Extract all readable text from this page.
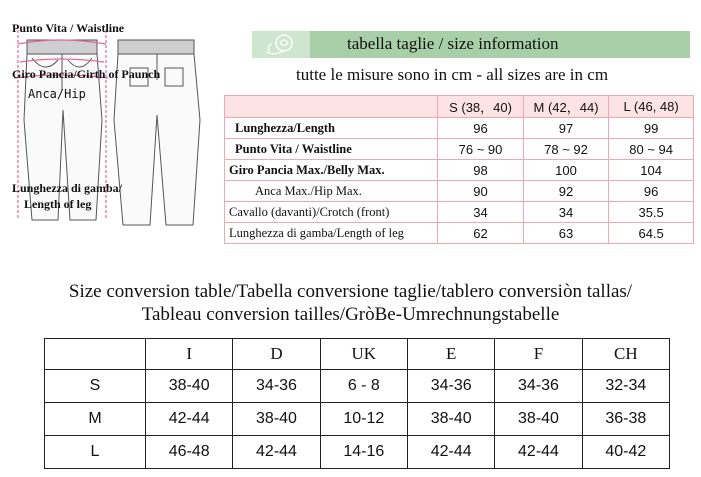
Punto Vita / Waistline
Giro Pancia/Girth of Paunch
Anca/Hip
Lunghezza di gamba/
Length of leg
tabella taglie / size information
tutte le misure sono in cm - all sizes are in cm
	S (38，40)	M (42，44)	L (46, 48)
Lunghezza/Length	96	97	99
Punto Vita / Waistline	76 ~ 90	78 ~ 92	80 ~ 94
Giro Pancia Max./Belly Max.	98	100	104
Anca Max./Hip Max.	90	92	96
Cavallo (davanti)/Crotch (front)	34	34	35.5
Lunghezza di gamba/Length of leg	62	63	64.5
Size conversion table/Tabella conversione taglie/tablero conversiòn tallas/
Tableau conversion tailles/GròBe-Umrechnungstabelle
	I	D	UK	E	F	CH
S	38-40	34-36	6 - 8	34-36	34-36	32-34
M	42-44	38-40	10-12	38-40	38-40	36-38
L	46-48	42-44	14-16	42-44	42-44	40-42
